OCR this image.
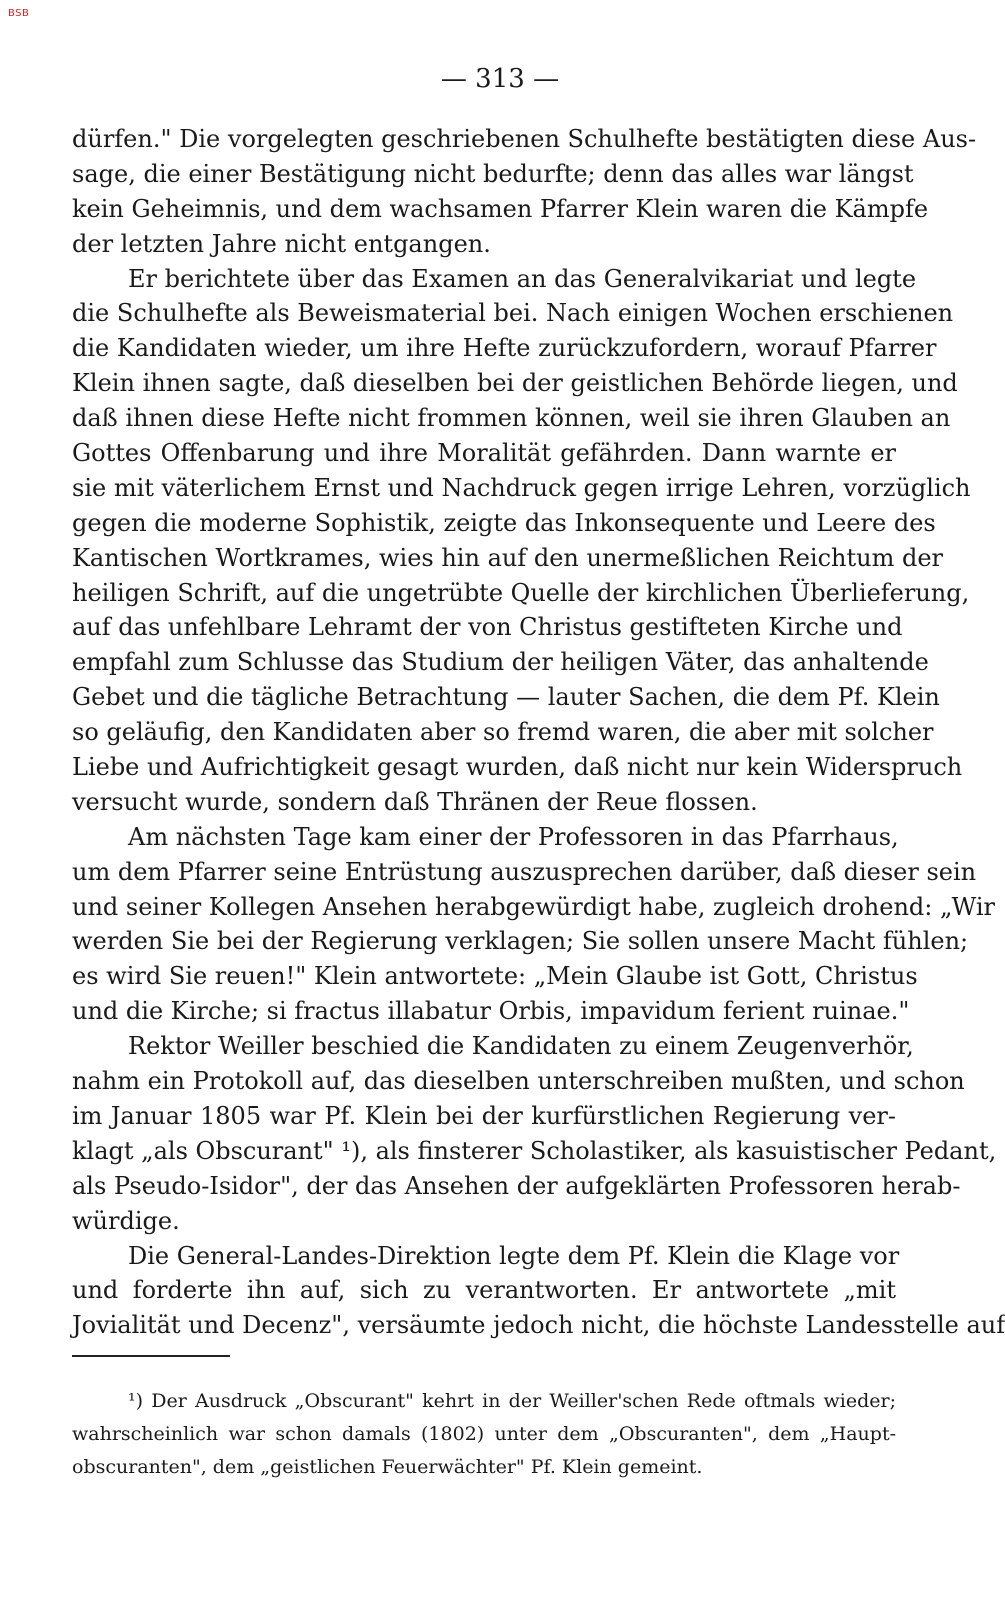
BSB
— 313 —
dürfen." Die vorgelegten geschriebenen Schulhefte bestätigten diese Aus-
sage, die einer Bestätigung nicht bedurfte; denn das alles war längst
kein Geheimnis, und dem wachsamen Pfarrer Klein waren die Kämpfe
der letzten Jahre nicht entgangen.
Er berichtete über das Examen an das Generalvikariat und legte
die Schulhefte als Beweismaterial bei. Nach einigen Wochen erschienen
die Kandidaten wieder, um ihre Hefte zurückzufordern, worauf Pfarrer
Klein ihnen sagte, daß dieselben bei der geistlichen Behörde liegen, und
daß ihnen diese Hefte nicht frommen können, weil sie ihren Glauben an
Gottes Offenbarung und ihre Moralität gefährden. Dann warnte er
sie mit väterlichem Ernst und Nachdruck gegen irrige Lehren, vorzüglich
gegen die moderne Sophistik, zeigte das Inkonsequente und Leere des
Kantischen Wortkrames, wies hin auf den unermeßlichen Reichtum der
heiligen Schrift, auf die ungetrübte Quelle der kirchlichen Überlieferung,
auf das unfehlbare Lehramt der von Christus gestifteten Kirche und
empfahl zum Schlusse das Studium der heiligen Väter, das anhaltende
Gebet und die tägliche Betrachtung — lauter Sachen, die dem Pf. Klein
so geläufig, den Kandidaten aber so fremd waren, die aber mit solcher
Liebe und Aufrichtigkeit gesagt wurden, daß nicht nur kein Widerspruch
versucht wurde, sondern daß Thränen der Reue flossen.
Am nächsten Tage kam einer der Professoren in das Pfarrhaus,
um dem Pfarrer seine Entrüstung auszusprechen darüber, daß dieser sein
und seiner Kollegen Ansehen herabgewürdigt habe, zugleich drohend: „Wir
werden Sie bei der Regierung verklagen; Sie sollen unsere Macht fühlen;
es wird Sie reuen!" Klein antwortete: „Mein Glaube ist Gott, Christus
und die Kirche; si fractus illabatur Orbis, impavidum ferient ruinae."
Rektor Weiller beschied die Kandidaten zu einem Zeugenverhör,
nahm ein Protokoll auf, das dieselben unterschreiben mußten, und schon
im Januar 1805 war Pf. Klein bei der kurfürstlichen Regierung ver-
klagt „als Obscurant" ¹), als finsterer Scholastiker, als kasuistischer Pedant,
als Pseudo-Isidor", der das Ansehen der aufgeklärten Professoren herab-
würdige.
Die General-Landes-Direktion legte dem Pf. Klein die Klage vor
und forderte ihn auf, sich zu verantworten. Er antwortete „mit
Jovialität und Decenz", versäumte jedoch nicht, die höchste Landesstelle auf
¹) Der Ausdruck „Obscurant" kehrt in der Weiller'schen Rede oftmals wieder;
wahrscheinlich war schon damals (1802) unter dem „Obscuranten", dem „Haupt-
obscuranten", dem „geistlichen Feuerwächter" Pf. Klein gemeint.
